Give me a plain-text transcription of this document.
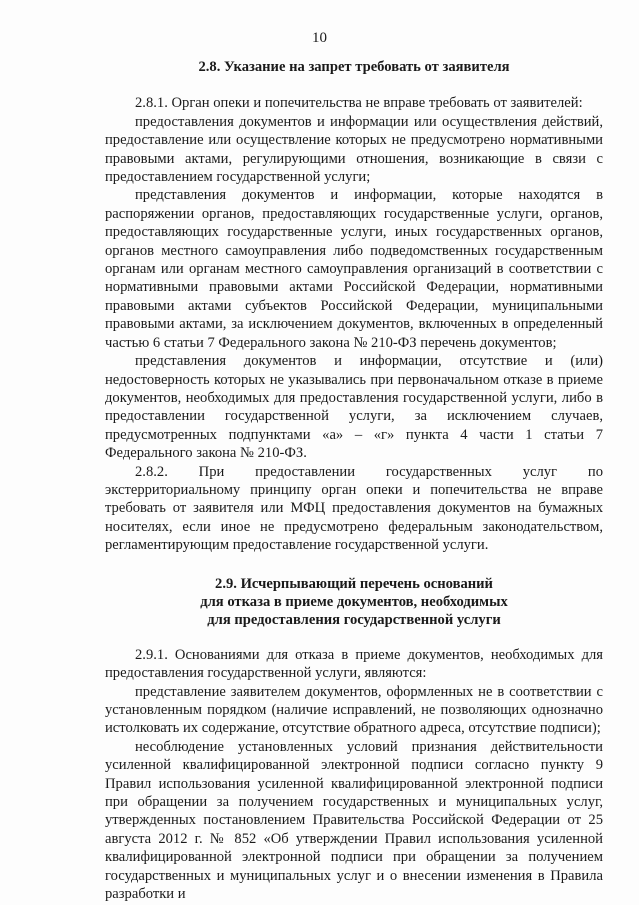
10
2.8. Указание на запрет требовать от заявителя

2.8.1. Орган опеки и попечительства не вправе требовать от заявителей:

предоставления документов и информации или осуществления действий, предоставление или осуществление которых не предусмотрено нормативными правовыми актами, регулирующими отношения, возникающие в связи с предоставлением государственной услуги;

представления документов и информации, которые находятся в распоряжении органов, предоставляющих государственные услуги, органов, предоставляющих государственные услуги, иных государственных органов, органов местного самоуправления либо подведомственных государственным органам или органам местного самоуправления организаций в соответствии с нормативными правовыми актами Российской Федерации, нормативными правовыми актами субъектов Российской Федерации, муниципальными правовыми актами, за исключением документов, включенных в определенный частью 6 статьи 7 Федерального закона № 210-ФЗ перечень документов;

представления документов и информации, отсутствие и (или) недостоверность которых не указывались при первоначальном отказе в приеме документов, необходимых для предоставления государственной услуги, либо в предоставлении государственной услуги, за исключением случаев, предусмотренных подпунктами «а» – «г» пункта 4 части 1 статьи 7 Федерального закона № 210-ФЗ.

2.8.2. При предоставлении государственных услуг по экстерриториальному принципу орган опеки и попечительства не вправе требовать от заявителя или МФЦ предоставления документов на бумажных носителях, если иное не предусмотрено федеральным законодательством, регламентирующим предоставление государственной услуги.

2.9. Исчерпывающий перечень оснований
для отказа в приеме документов, необходимых
для предоставления государственной услуги

2.9.1. Основаниями для отказа в приеме документов, необходимых для предоставления государственной услуги, являются:

представление заявителем документов, оформленных не в соответствии с установленным порядком (наличие исправлений, не позволяющих однозначно истолковать их содержание, отсутствие обратного адреса, отсутствие подписи);

несоблюдение установленных условий признания действительности усиленной квалифицированной электронной подписи согласно пункту 9 Правил использования усиленной квалифицированной электронной подписи при обращении за получением государственных и муниципальных услуг, утвержденных постановлением Правительства Российской Федерации от 25 августа 2012 г. № 852 «Об утверждении Правил использования усиленной квалифицированной электронной подписи при обращении за получением государственных и муниципальных услуг и о внесении изменения в Правила разработки и
